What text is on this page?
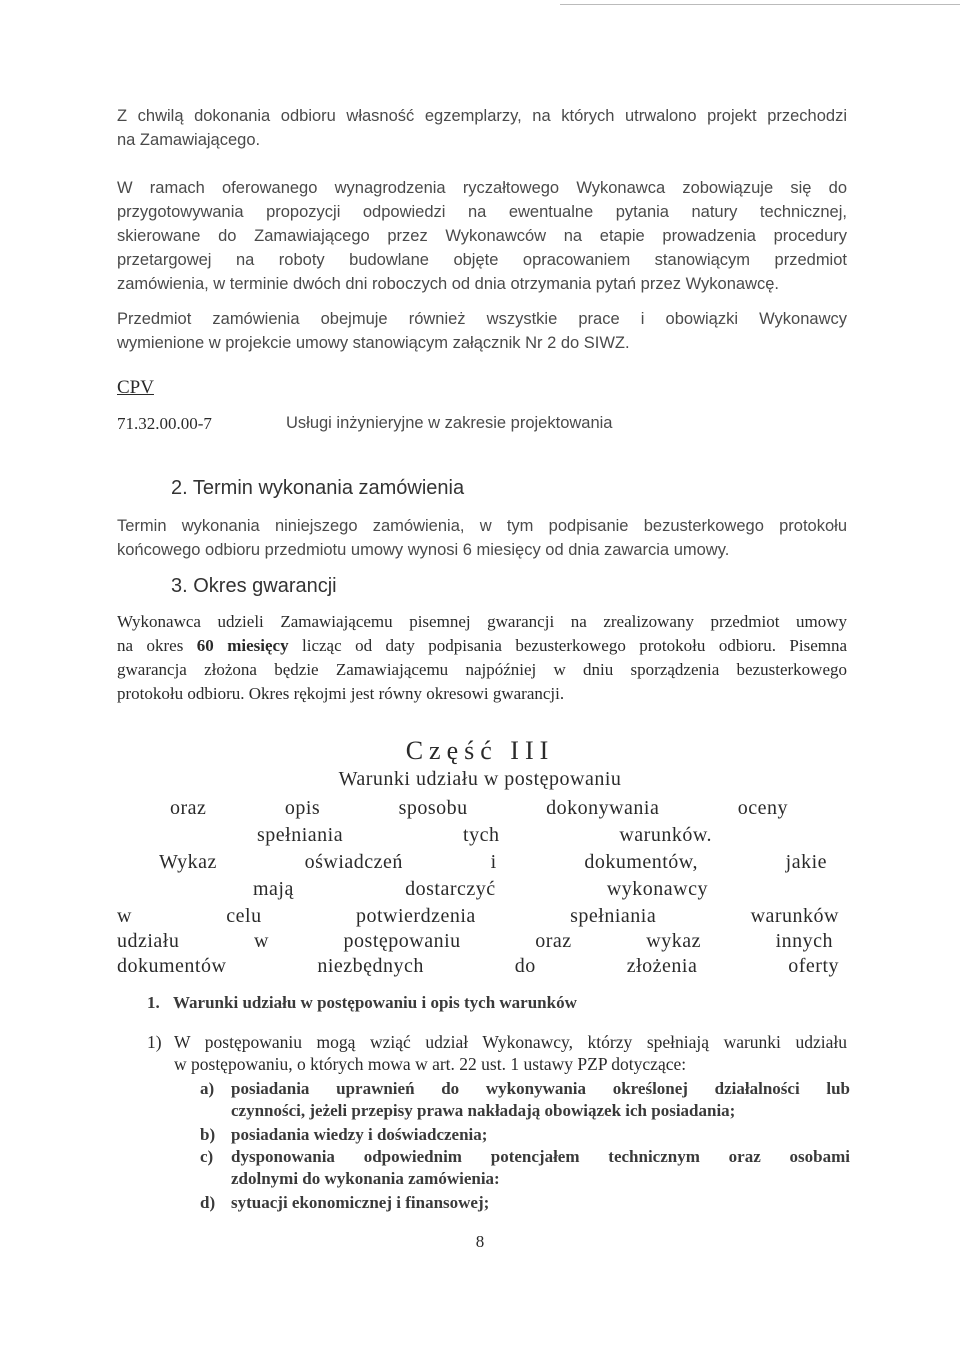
Z chwilą dokonania odbioru własność egzemplarzy, na których utrwalono projekt przechodzi
na Zamawiającego.

W ramach oferowanego wynagrodzenia ryczałtowego Wykonawca zobowiązuje się do
przygotowywania propozycji odpowiedzi na ewentualne pytania natury technicznej,
skierowane do Zamawiającego przez Wykonawców na etapie prowadzenia procedury
przetargowej na roboty budowlane objęte opracowaniem stanowiącym przedmiot
zamówienia, w terminie dwóch dni roboczych od dnia otrzymania pytań przez Wykonawcę.

Przedmiot zamówienia obejmuje również wszystkie prace i obowiązki Wykonawcy
wymienione w projekcie umowy stanowiącym załącznik Nr 2 do SIWZ.

CPV
71.32.00.00-7	Usługi inżynieryjne w zakresie projektowania
2. Termin wykonania zamówienia

Termin wykonania niniejszego zamówienia, w tym podpisanie bezusterkowego protokołu
końcowego odbioru przedmiotu umowy wynosi 6 miesięcy od dnia zawarcia umowy.

3. Okres gwarancji

Wykonawca udzieli Zamawiającemu pisemnej gwarancji na zrealizowany przedmiot umowy
na okres 60 miesięcy licząc od daty podpisania bezusterkowego protokołu odbioru. Pisemna
gwarancja złożona będzie Zamawiającemu najpóźniej w dniu sporządzenia bezusterkowego
protokołu odbioru. Okres rękojmi jest równy okresowi gwarancji.

Część III
Warunki udziału w postępowaniu
oraz opis sposobu dokonywania oceny
spełniania tych warunków.
Wykaz oświadczeń i dokumentów, jakie
mają dostarczyć wykonawcy
w celu potwierdzenia spełniania warunków
udziału w postępowaniu oraz wykaz innych
dokumentów niezbędnych do złożenia oferty
1. Warunki udziału w postępowaniu i opis tych warunków
1) W postępowaniu mogą wziąć udział Wykonawcy, którzy spełniają warunki udziału
w postępowaniu, o których mowa w art. 22 ust. 1 ustawy PZP dotyczące:
a) posiadania uprawnień do wykonywania określonej działalności lub
czynności, jeżeli przepisy prawa nakładają obowiązek ich posiadania;
b) posiadania wiedzy i doświadczenia;
c) dysponowania odpowiednim potencjałem technicznym oraz osobami
zdolnymi do wykonania zamówienia:
d) sytuacji ekonomicznej i finansowej;
8
